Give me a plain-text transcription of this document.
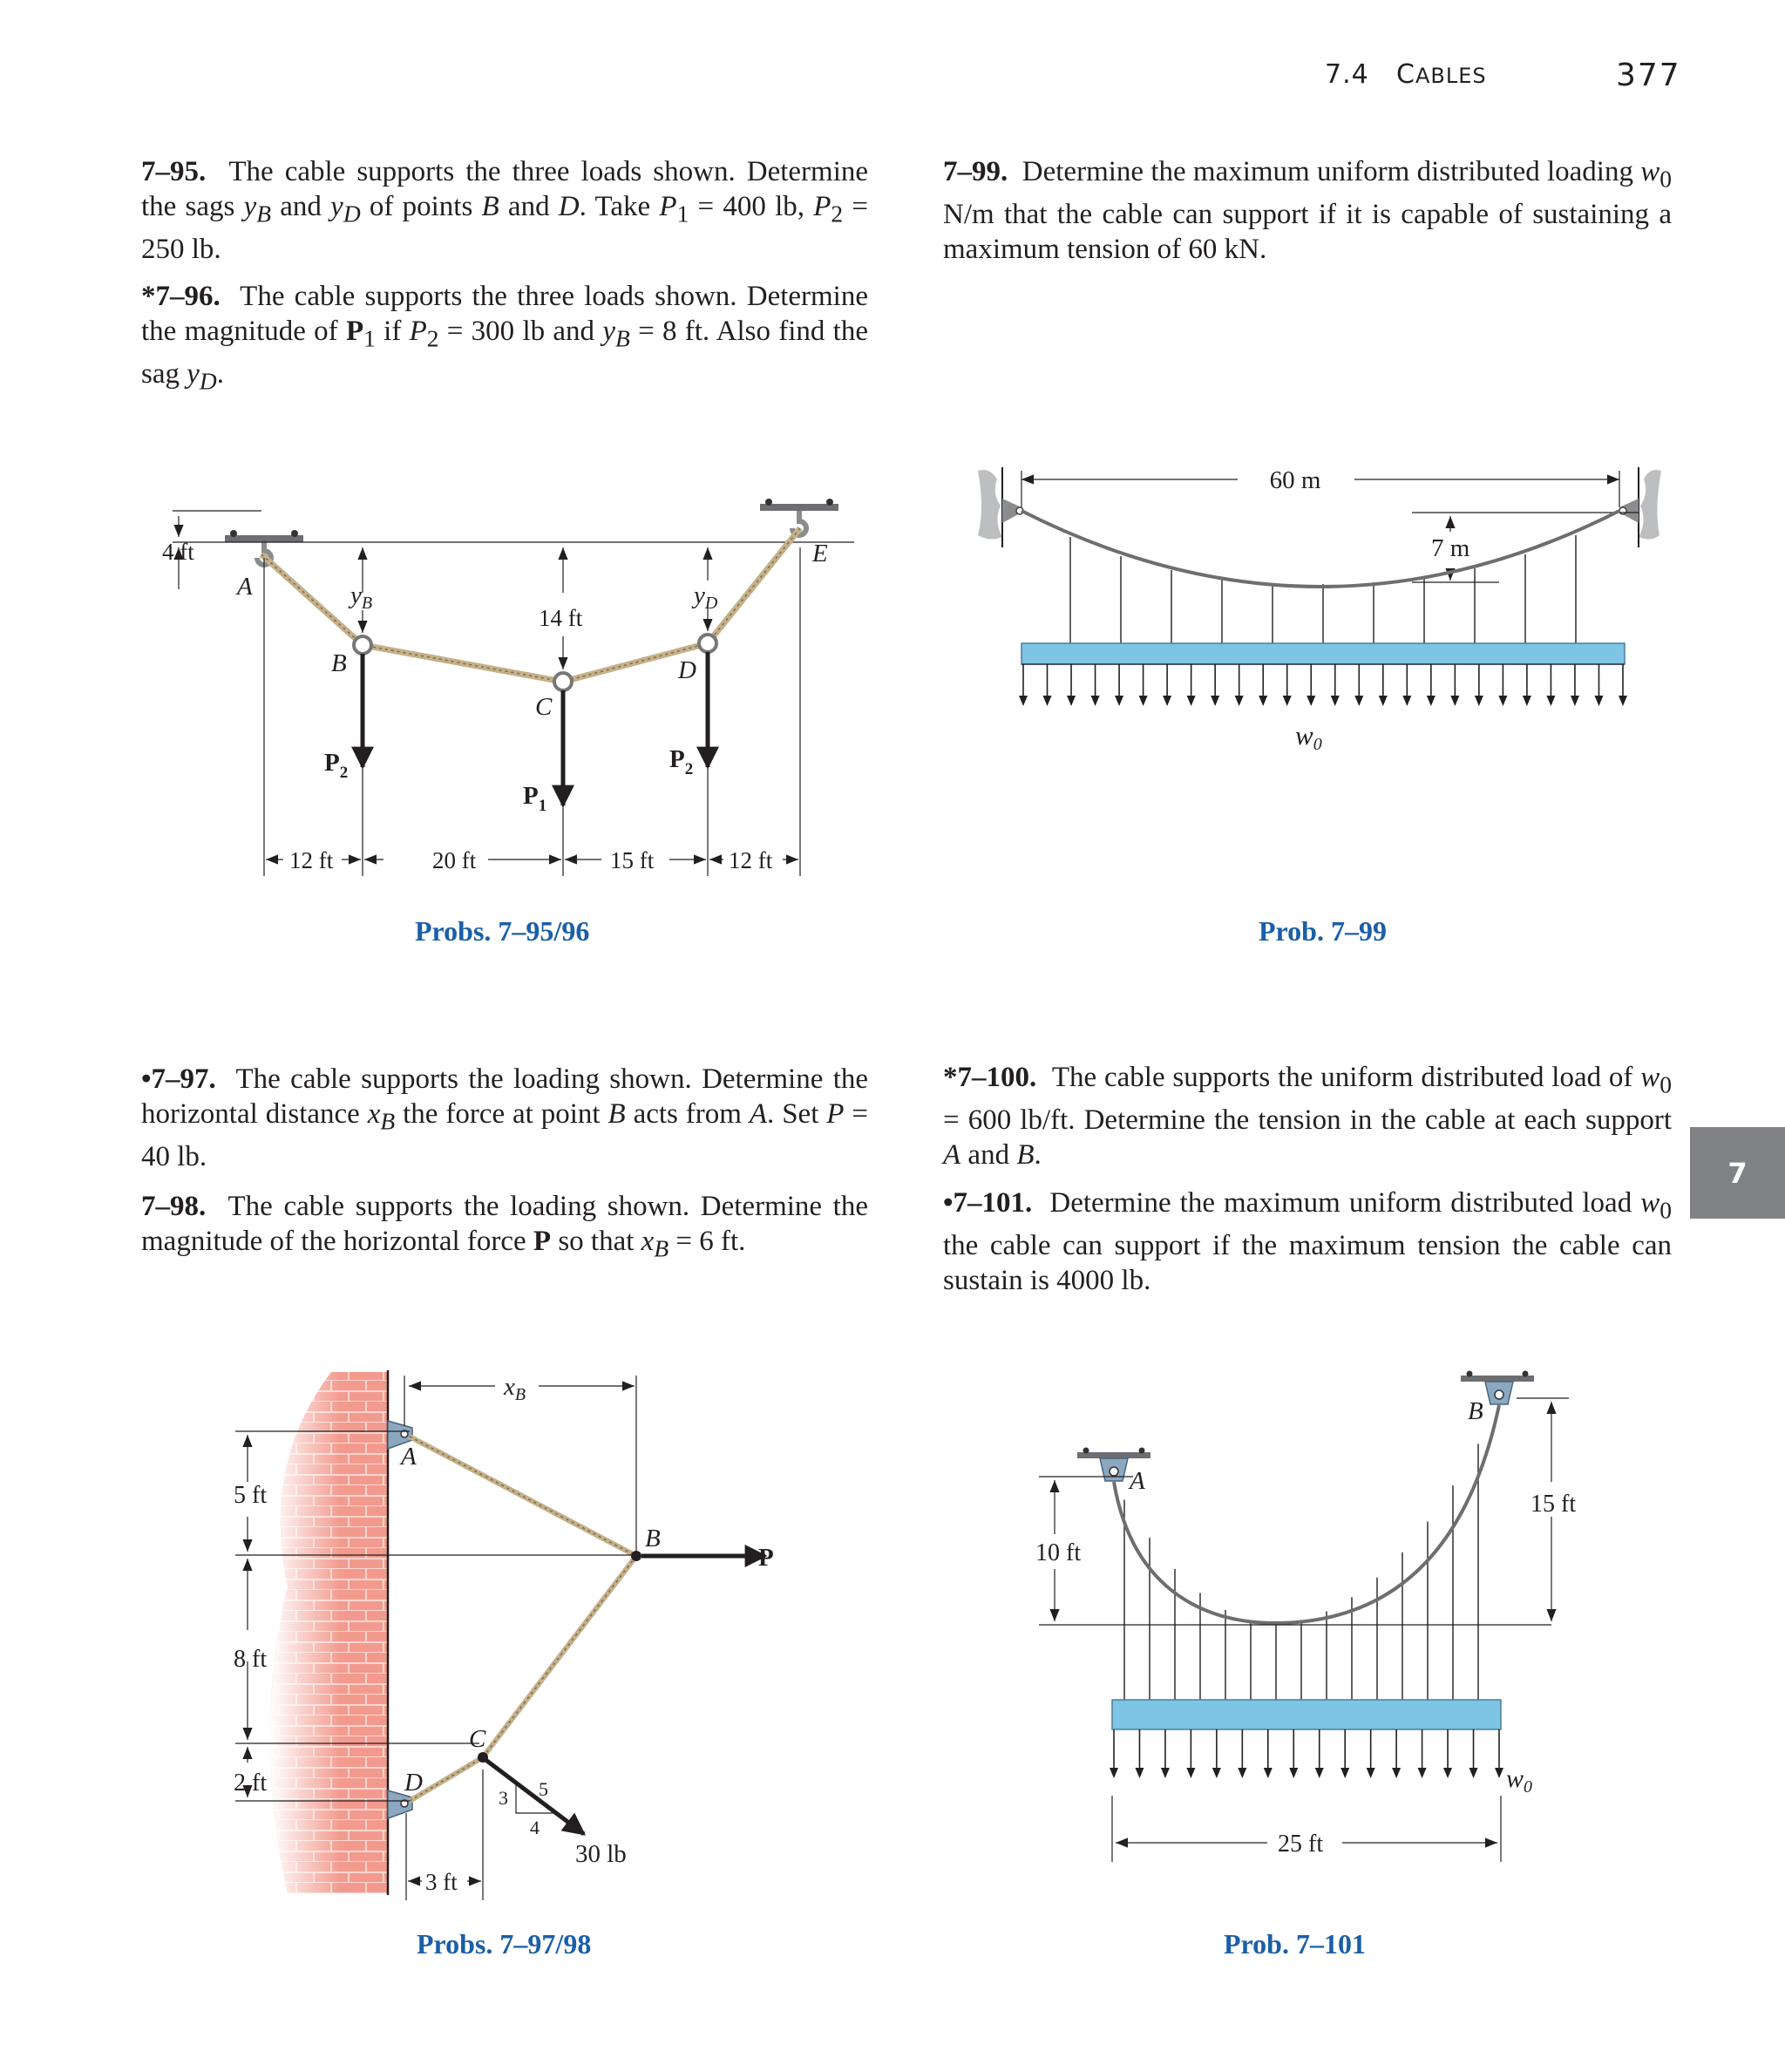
7.4 CABLES	377
7–95. The cable supports the three loads shown. Determine the sags $y_B$ and $y_D$ of points B and D. Take $P_1 = 400$ lb, $P_2 = 250$ lb.
*7–96. The cable supports the three loads shown. Determine the magnitude of $P_1$ if $P_2 = 300$ lb and $y_B = 8$ ft. Also find the sag $y_D$.
7–99. Determine the maximum uniform distributed loading $w_0$ N/m that the cable can support if it is capable of sustaining a maximum tension of 60 kN.
•7–97. The cable supports the loading shown. Determine the horizontal distance $x_B$ the force at point B acts from A. Set P = 40 lb.
7–98. The cable supports the loading shown. Determine the magnitude of the horizontal force P so that $x_B = 6$ ft.
*7–100. The cable supports the uniform distributed load of $w_0 = 600$ lb/ft. Determine the tension in the cable at each support A and B.
•7–101. Determine the maximum uniform distributed load $w_0$ the cable can support if the maximum tension the cable can sustain is 4000 lb.
7
Probs. 7–95/96	Prob. 7–99
Probs. 7–97/98	Prob. 7–101
4 ft
$y_B$	$y_D$
14 ft
A
B
C
D
E
$P_2$
$P_1$
$P_2$
12 ft	20 ft	15 ft	12 ft
60 m
7 m
w0
$x_B$
P
3
4
5
30 lb
A
B
C
D
5 ft
8 ft
2 ft
3 ft
A
B
10 ft
15 ft
$w_0$
25 ft
